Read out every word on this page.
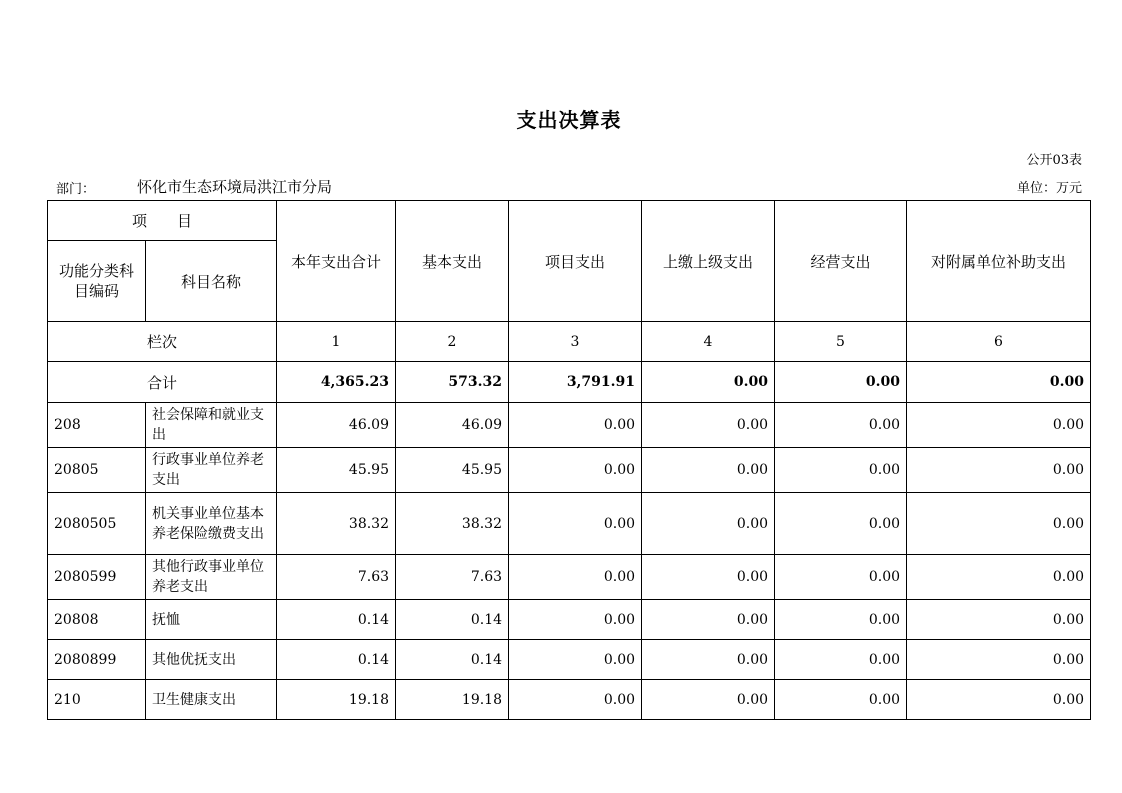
支出决算表
公开03表
部门：	怀化市生态环境局洪江市分局	单位：万元
项　　目		本年支出合计	基本支出	项目支出	上缴上级支出	经营支出	对附属单位补助支出
功能分类科目编码	科目名称						
栏次		1	2	3	4	5	6
合计		4,365.23	573.32	3,791.91	0.00	0.00	0.00
208	社会保障和就业支出	46.09	46.09	0.00	0.00	0.00	0.00
20805	行政事业单位养老支出	45.95	45.95	0.00	0.00	0.00	0.00
2080505	机关事业单位基本养老保险缴费支出	38.32	38.32	0.00	0.00	0.00	0.00
2080599	其他行政事业单位养老支出	7.63	7.63	0.00	0.00	0.00	0.00
20808	抚恤	0.14	0.14	0.00	0.00	0.00	0.00
2080899	其他优抚支出	0.14	0.14	0.00	0.00	0.00	0.00
210	卫生健康支出	19.18	19.18	0.00	0.00	0.00	0.00
